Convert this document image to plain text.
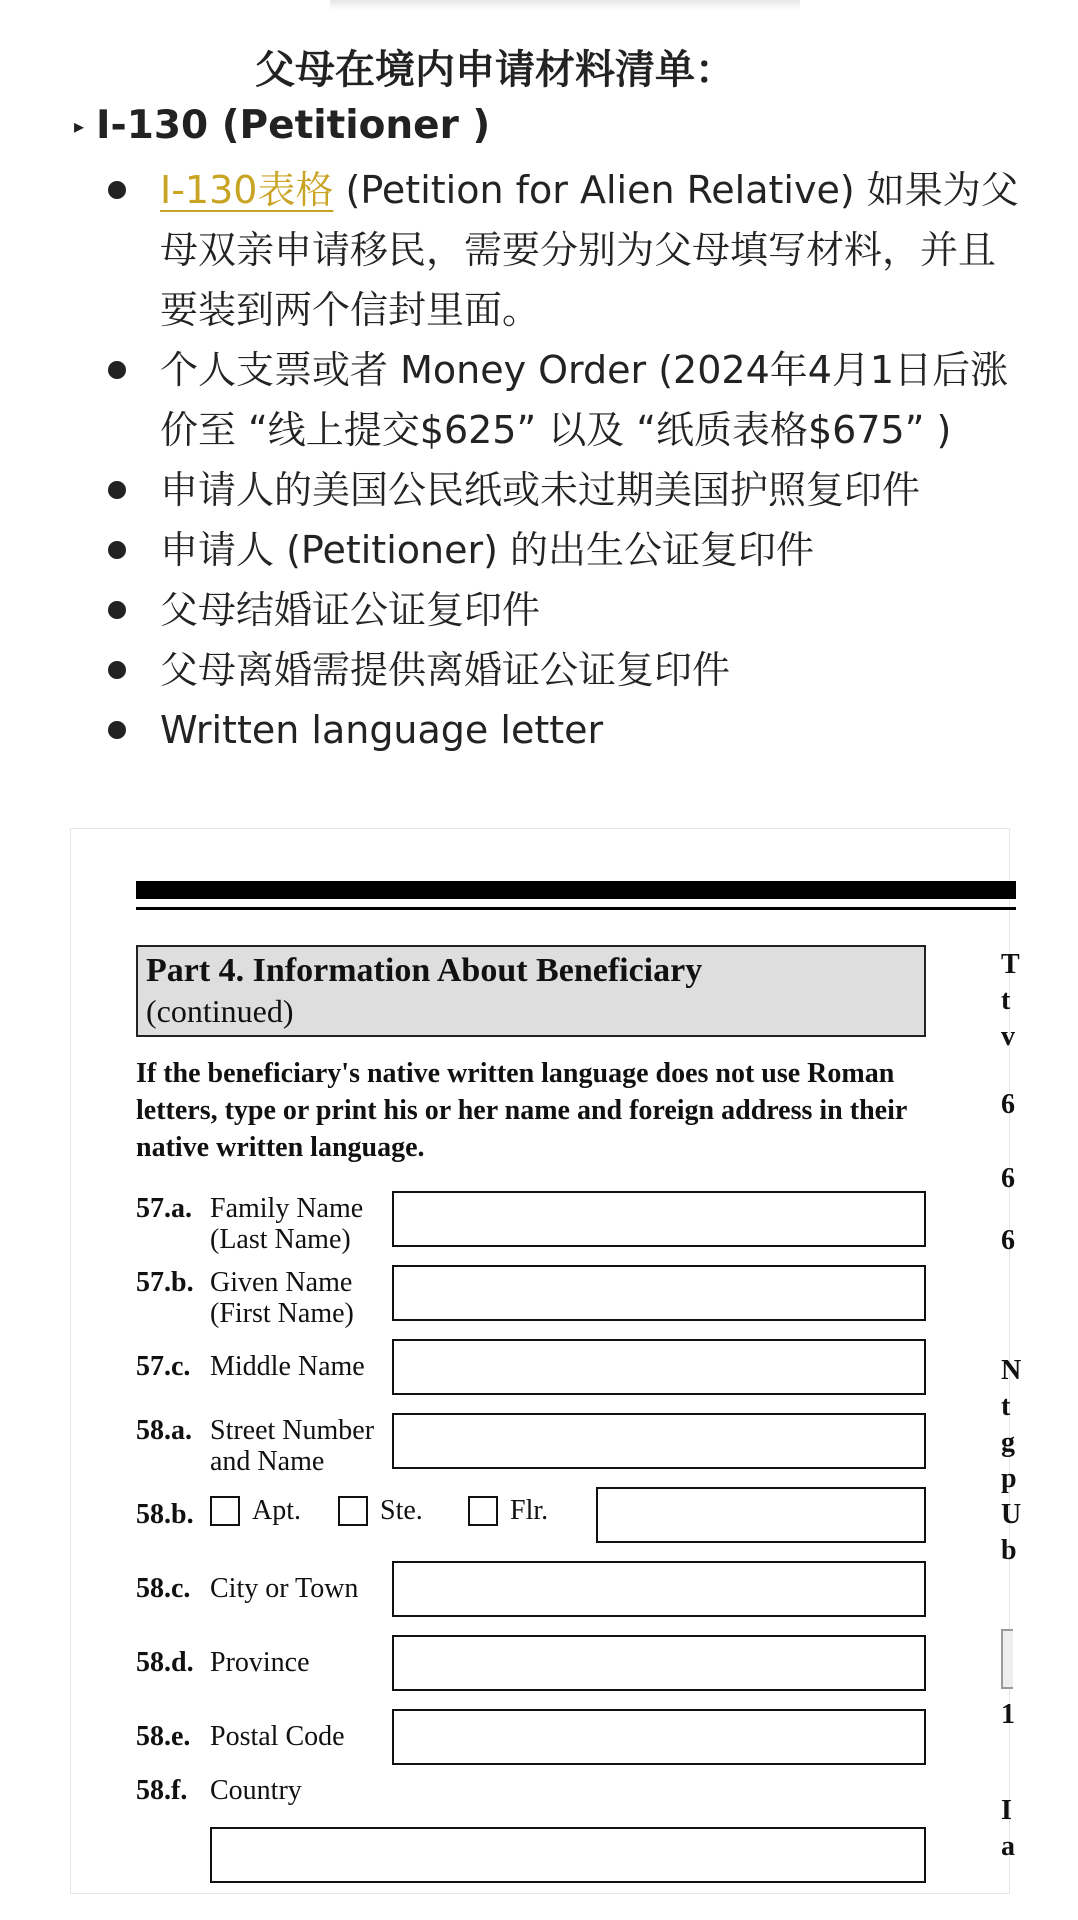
父母在境内申请材料清单：
▸ I-130 (Petitioner )
I-130表格 (Petition for Alien Relative) 如果为父母双亲申请移民，需要分别为父母填写材料，并且要装到两个信封里面。
个人支票或者 Money Order (2024年4月1日后涨价至 “线上提交$625” 以及 “纸质表格$675” )
申请人的美国公民纸或未过期美国护照复印件
申请人 (Petitioner) 的出生公证复印件
父母结婚证公证复印件
父母离婚需提供离婚证公证复印件
Written language letter
Part 4. Information About Beneficiary
(continued)
If the beneficiary's native written language does not use Roman letters, type or print his or her name and foreign address in their native written language.
57.a. Family Name
(Last Name)
57.b. Given Name
(First Name)
57.c. Middle Name
58.a. Street Number
and Name
58.b. Apt.	Ste.	Flr.
58.c. City or Town
58.d. Province
58.e. Postal Code
58.f. Country
T
t
v
6
6
6
N
t
g
p
U
b
1
I
a
